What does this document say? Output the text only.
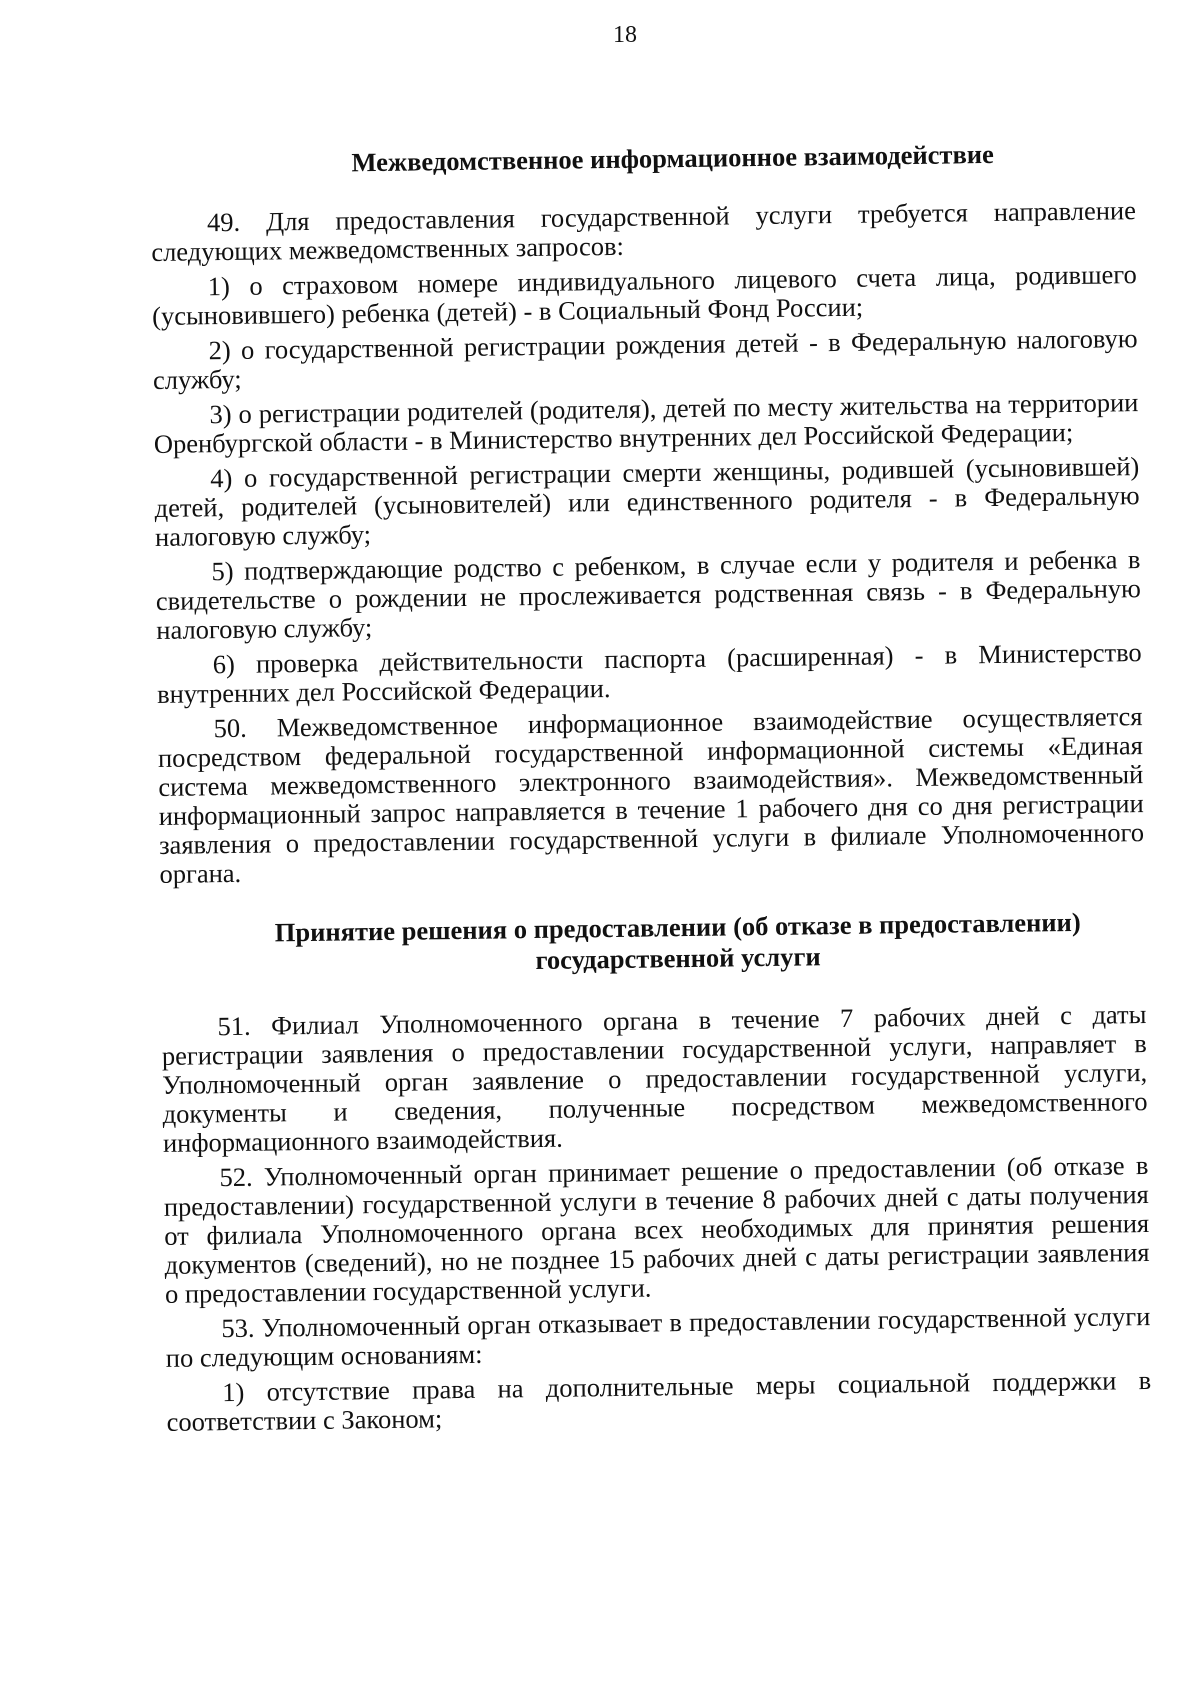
18
Межведомственное информационное взаимодействие

49. Для предоставления государственной услуги требуется направление следующих межведомственных запросов:

1) о страховом номере индивидуального лицевого счета лица, родившего (усыновившего) ребенка (детей) - в Социальный Фонд России;

2) о государственной регистрации рождения детей - в Федеральную налоговую службу;

3) о регистрации родителей (родителя), детей по месту жительства на территории Оренбургской области - в Министерство внутренних дел Российской Федерации;

4) о государственной регистрации смерти женщины, родившей (усыновившей) детей, родителей (усыновителей) или единственного родителя - в Федеральную налоговую службу;

5) подтверждающие родство с ребенком, в случае если у родителя и ребенка в свидетельстве о рождении не прослеживается родственная связь - в Федеральную налоговую службу;

6) проверка действительности паспорта (расширенная) - в Министерство внутренних дел Российской Федерации.

50. Межведомственное информационное взаимодействие осуществляется посредством федеральной государственной информационной системы «Единая система межведомственного электронного взаимодействия». Межведомственный информационный запрос направляется в течение 1 рабочего дня со дня регистрации заявления о предоставлении государственной услуги в филиале Уполномоченного органа.

Принятие решения о предоставлении (об отказе в предоставлении)
государственной услуги

51. Филиал Уполномоченного органа в течение 7 рабочих дней с даты регистрации заявления о предоставлении государственной услуги, направляет в Уполномоченный орган заявление о предоставлении государственной услуги, документы и сведения, полученные посредством межведомственного информационного взаимодействия.

52. Уполномоченный орган принимает решение о предоставлении (об отказе в предоставлении) государственной услуги в течение 8 рабочих дней с даты получения от филиала Уполномоченного органа всех необходимых для принятия решения документов (сведений), но не позднее 15 рабочих дней с даты регистрации заявления о предоставлении государственной услуги.

53. Уполномоченный орган отказывает в предоставлении государственной услуги по следующим основаниям:

1) отсутствие права на дополнительные меры социальной поддержки в соответствии с Законом;
